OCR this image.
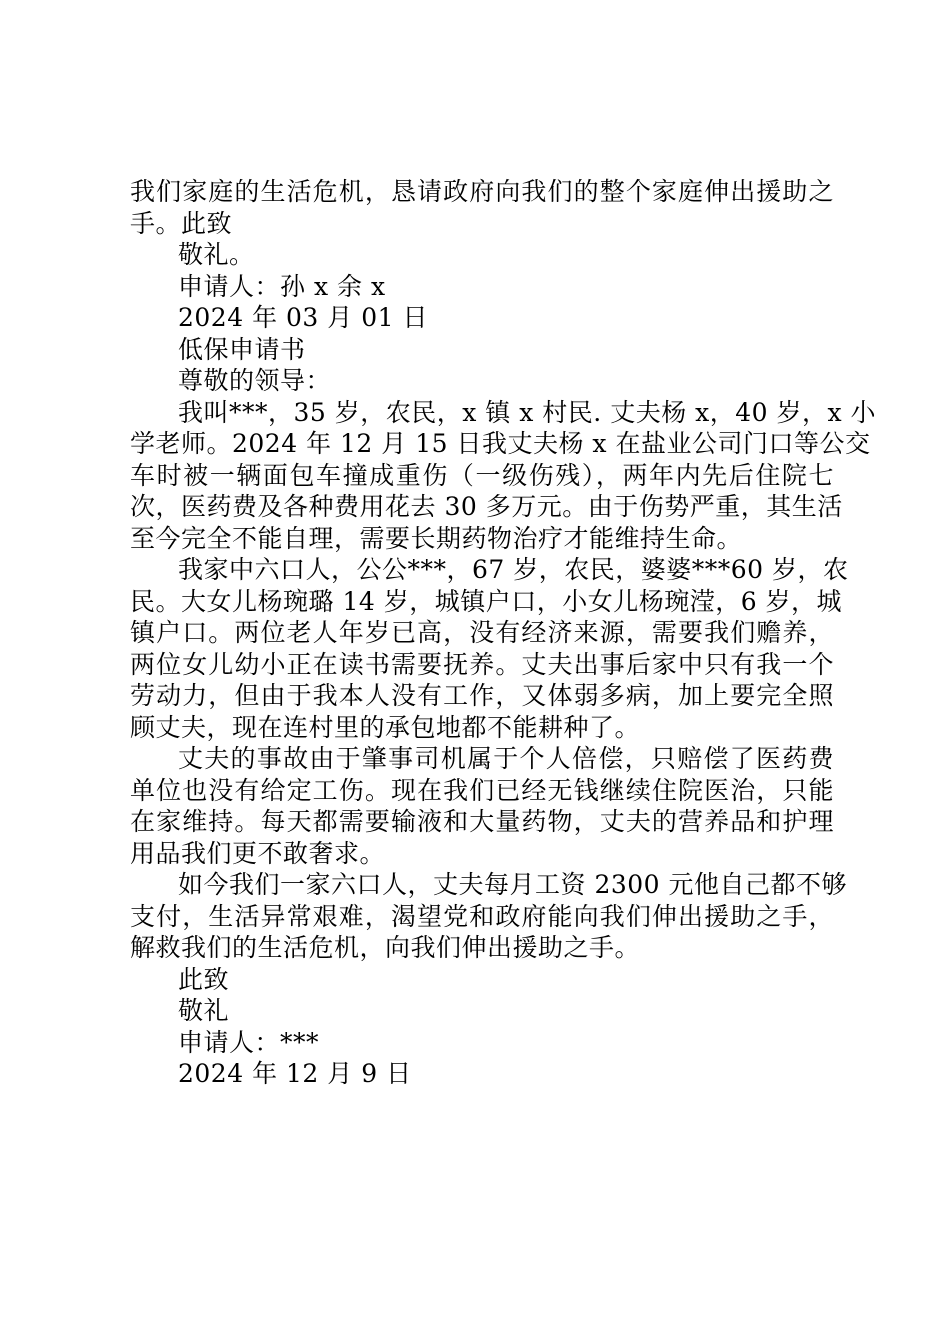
我们家庭的生活危机，恳请政府向我们的整个家庭伸出援助之
手。此致
敬礼。
申请人：孙 x 余 x
2024 年 03 月 01 日
低保申请书
尊敬的领导：
我叫***，35 岁，农民，x 镇 x 村民. 丈夫杨 x，40 岁，x 小
学老师。2024 年 12 月 15 日我丈夫杨 x 在盐业公司门口等公交
车时被一辆面包车撞成重伤（一级伤残），两年内先后住院七
次，医药费及各种费用花去 30 多万元。由于伤势严重，其生活
至今完全不能自理，需要长期药物治疗才能维持生命。
我家中六口人，公公***，67 岁，农民，婆婆***60 岁，农
民。大女儿杨琬璐 14 岁，城镇户口，小女儿杨琬滢，6 岁，城
镇户口。两位老人年岁已高，没有经济来源，需要我们赡养，
两位女儿幼小正在读书需要抚养。丈夫出事后家中只有我一个
劳动力，但由于我本人没有工作，又体弱多病，加上要完全照
顾丈夫，现在连村里的承包地都不能耕种了。
丈夫的事故由于肇事司机属于个人倍偿，只赔偿了医药费
单位也没有给定工伤。现在我们已经无钱继续住院医治，只能
在家维持。每天都需要输液和大量药物，丈夫的营养品和护理
用品我们更不敢奢求。
如今我们一家六口人，丈夫每月工资 2300 元他自己都不够
支付，生活异常艰难，渴望党和政府能向我们伸出援助之手，
解救我们的生活危机，向我们伸出援助之手。
此致
敬礼
申请人：***
2024 年 12 月 9 日
